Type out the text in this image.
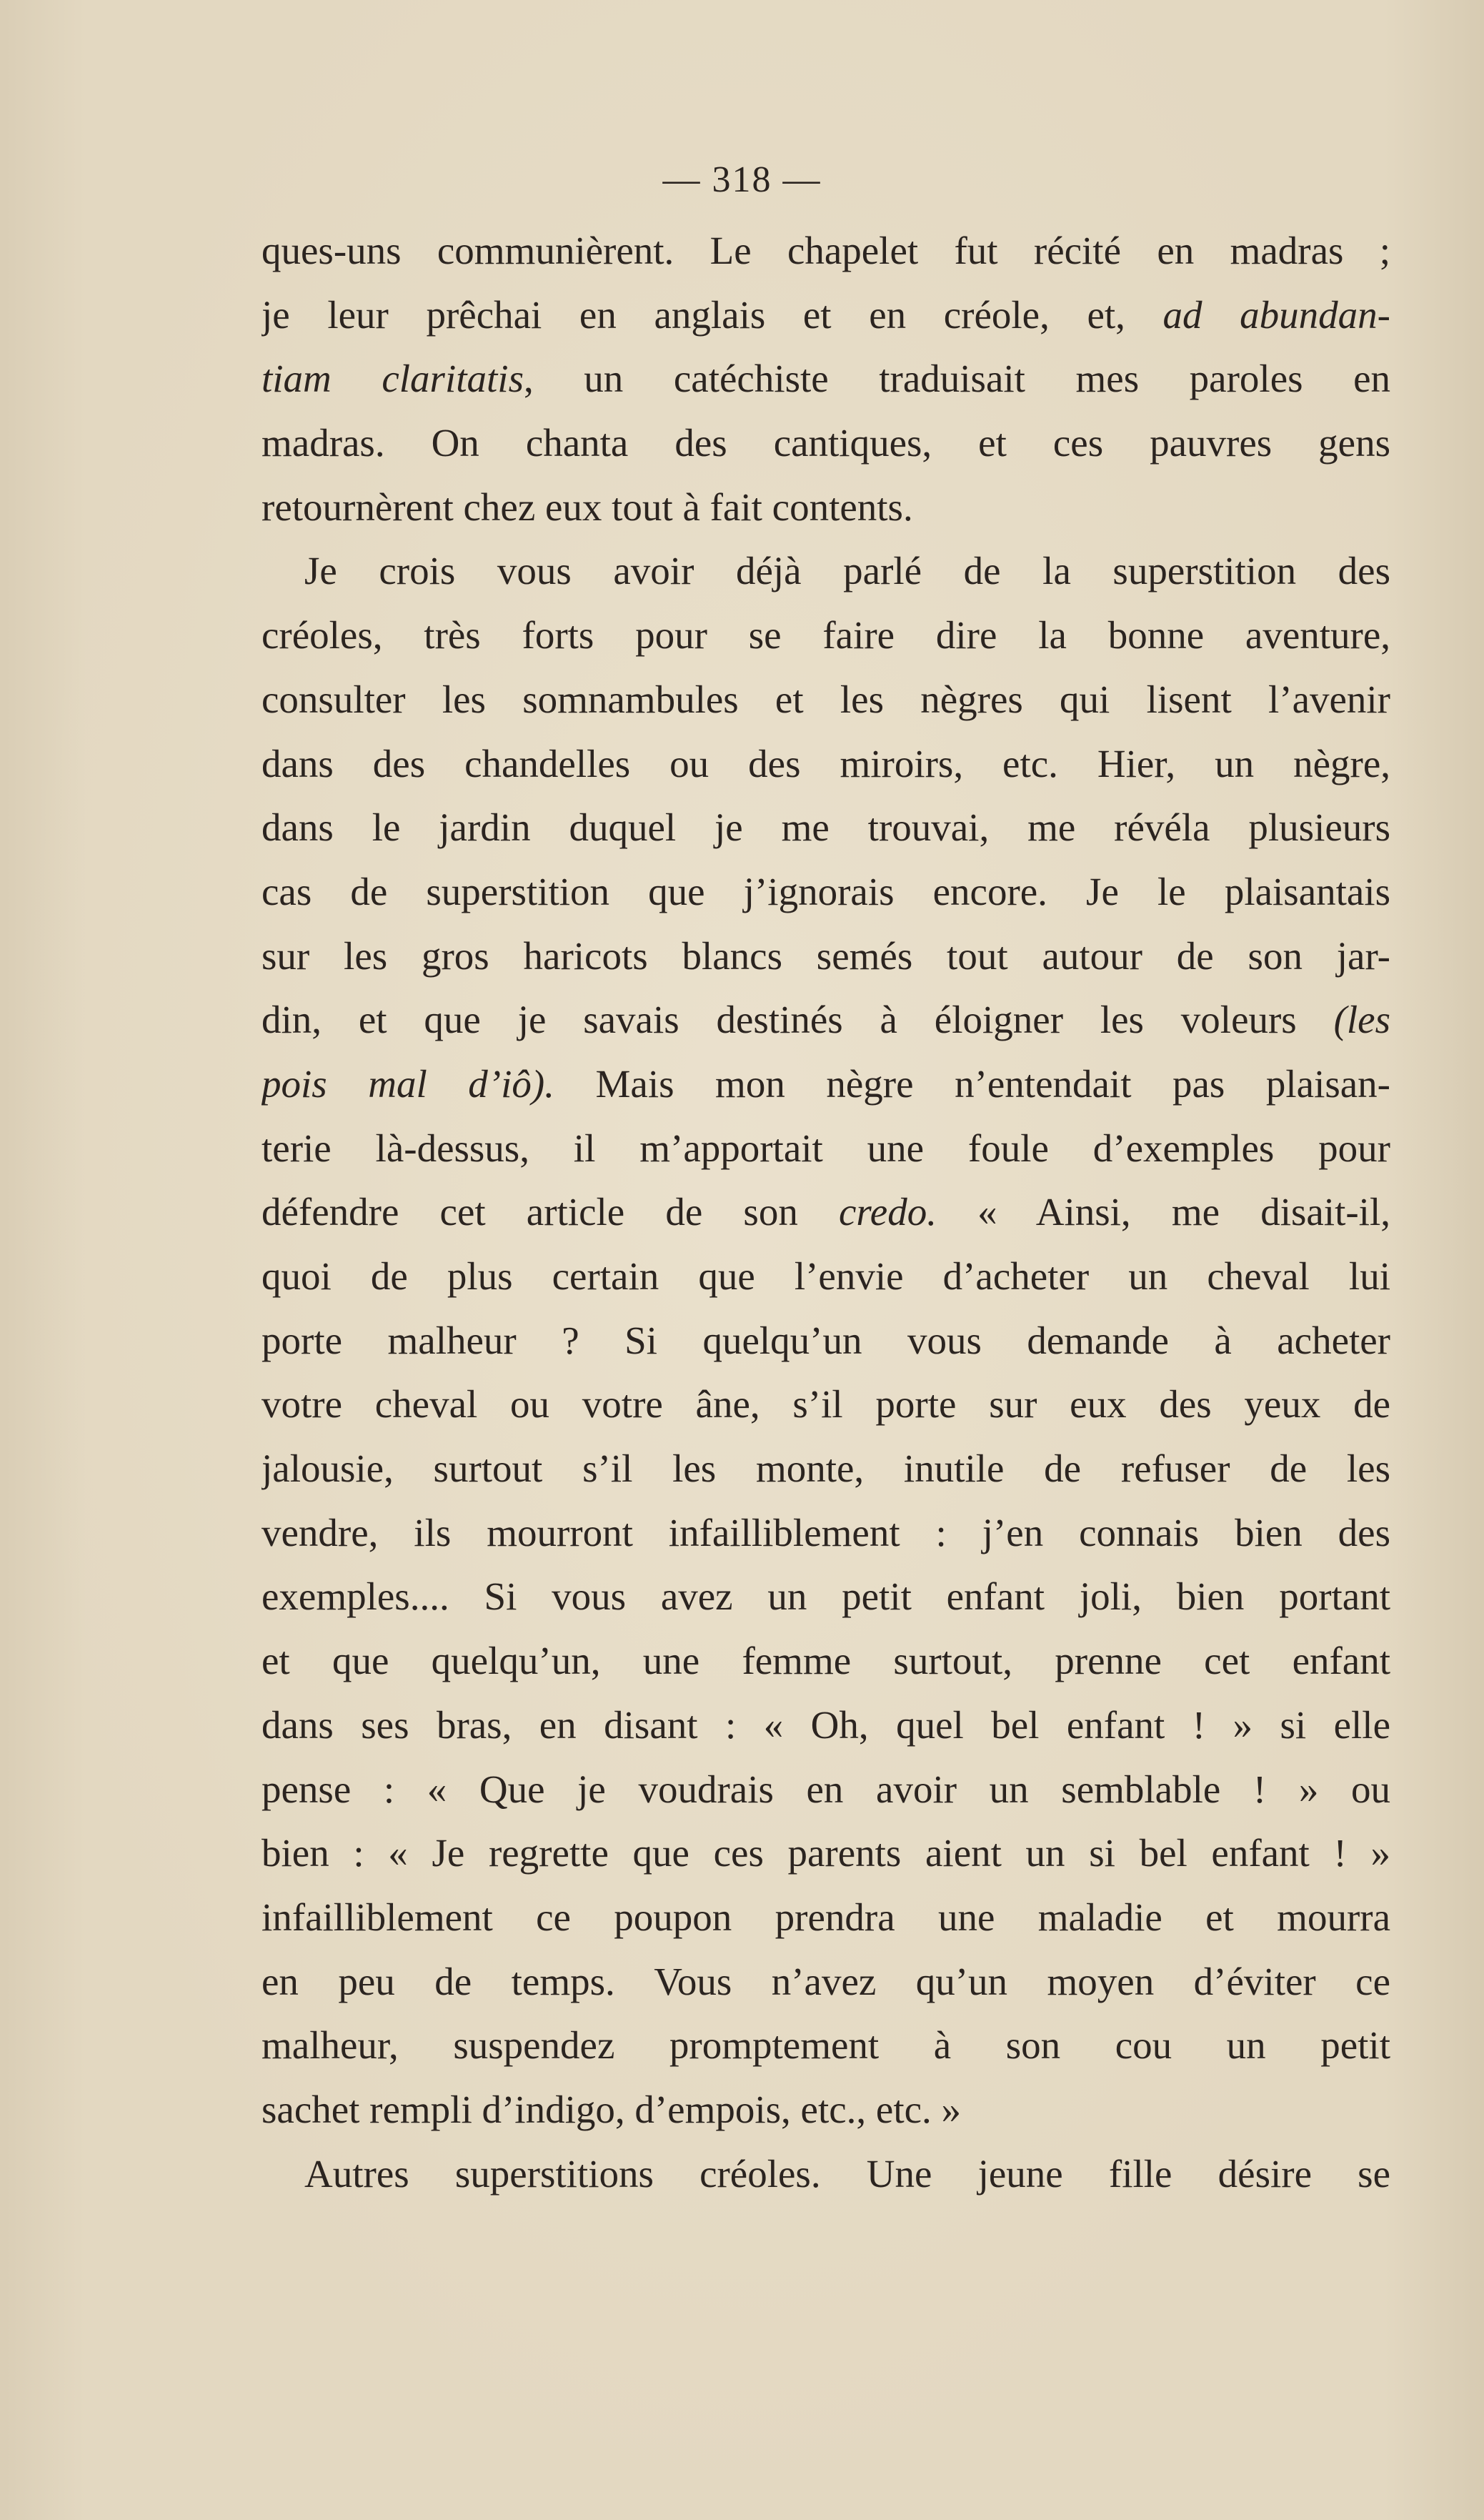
— 318 —
ques-uns communièrent. Le chapelet fut récité en madras ;
je leur prêchai en anglais et en créole, et, ad abundan-
tiam claritatis, un catéchiste traduisait mes paroles en
madras. On chanta des cantiques, et ces pauvres gens
retournèrent chez eux tout à fait contents.
Je crois vous avoir déjà parlé de la superstition des
créoles, très forts pour se faire dire la bonne aventure,
consulter les somnambules et les nègres qui lisent l’avenir
dans des chandelles ou des miroirs, etc. Hier, un nègre,
dans le jardin duquel je me trouvai, me révéla plusieurs
cas de superstition que j’ignorais encore. Je le plaisantais
sur les gros haricots blancs semés tout autour de son jar-
din, et que je savais destinés à éloigner les voleurs (les
pois mal d’iô). Mais mon nègre n’entendait pas plaisan-
terie là-dessus, il m’apportait une foule d’exemples pour
défendre cet article de son credo. « Ainsi, me disait-il,
quoi de plus certain que l’envie d’acheter un cheval lui
porte malheur ? Si quelqu’un vous demande à acheter
votre cheval ou votre âne, s’il porte sur eux des yeux de
jalousie, surtout s’il les monte, inutile de refuser de les
vendre, ils mourront infailliblement : j’en connais bien des
exemples.... Si vous avez un petit enfant joli, bien portant
et que quelqu’un, une femme surtout, prenne cet enfant
dans ses bras, en disant : « Oh, quel bel enfant ! » si elle
pense : « Que je voudrais en avoir un semblable ! » ou
bien : « Je regrette que ces parents aient un si bel enfant ! »
infailliblement ce poupon prendra une maladie et mourra
en peu de temps. Vous n’avez qu’un moyen d’éviter ce
malheur, suspendez promptement à son cou un petit
sachet rempli d’indigo, d’empois, etc., etc. »
Autres superstitions créoles. Une jeune fille désire se
